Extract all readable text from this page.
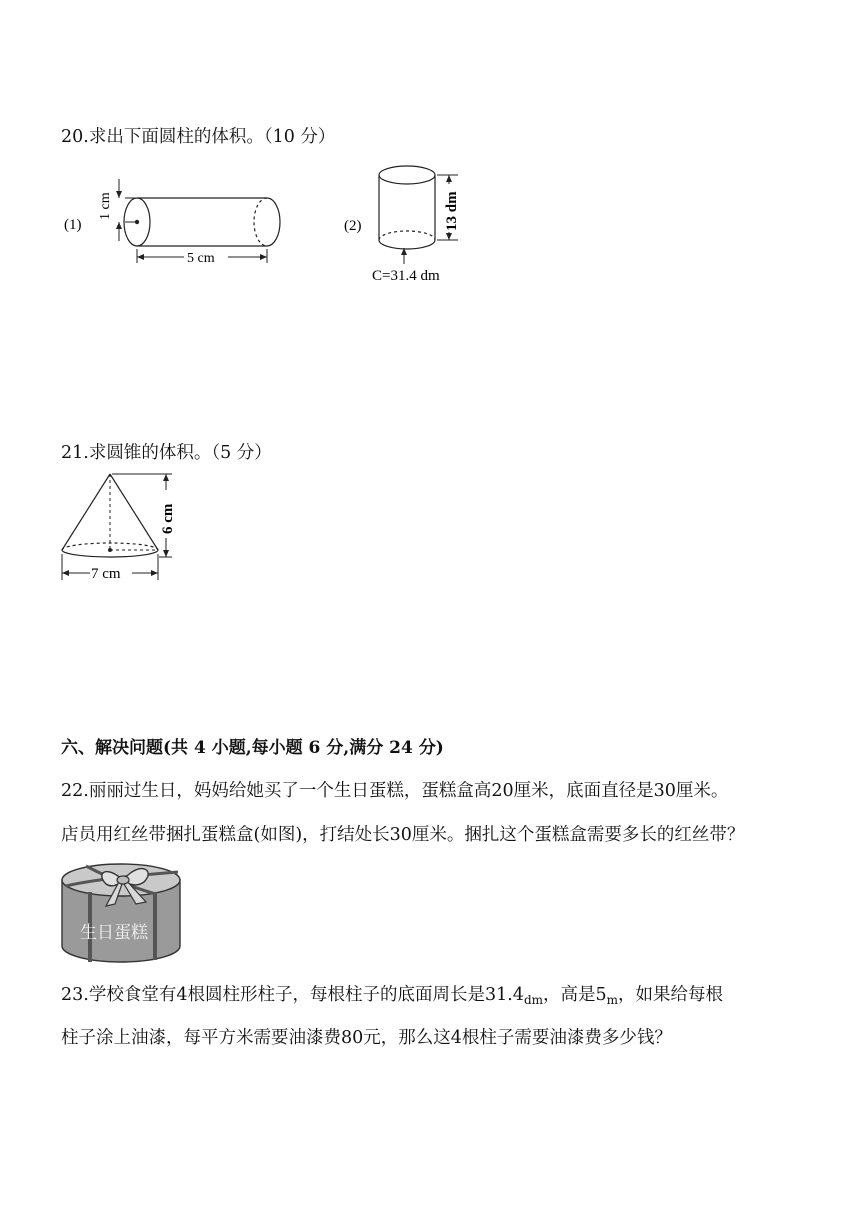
20.求出下面圆柱的体积。（10 分）
(1)
1 cm
5 cm
(2)	13 dm
C=31.4 dm
21.求圆锥的体积。（5 分）
6 cm
7 cm
六、解决问题(共 4 小题,每小题 6 分,满分 24 分)
22.丽丽过生日，妈妈给她买了一个生日蛋糕，蛋糕盒高20厘米，底面直径是30厘米。
店员用红丝带捆扎蛋糕盒(如图)，打结处长30厘米。捆扎这个蛋糕盒需要多长的红丝带？
生日蛋糕
23.学校食堂有4根圆柱形柱子，每根柱子的底面周长是$31.4_{dm}$，高是$5_m$，如果给每根
柱子涂上油漆，每平方米需要油漆费80元，那么这4根柱子需要油漆费多少钱？
